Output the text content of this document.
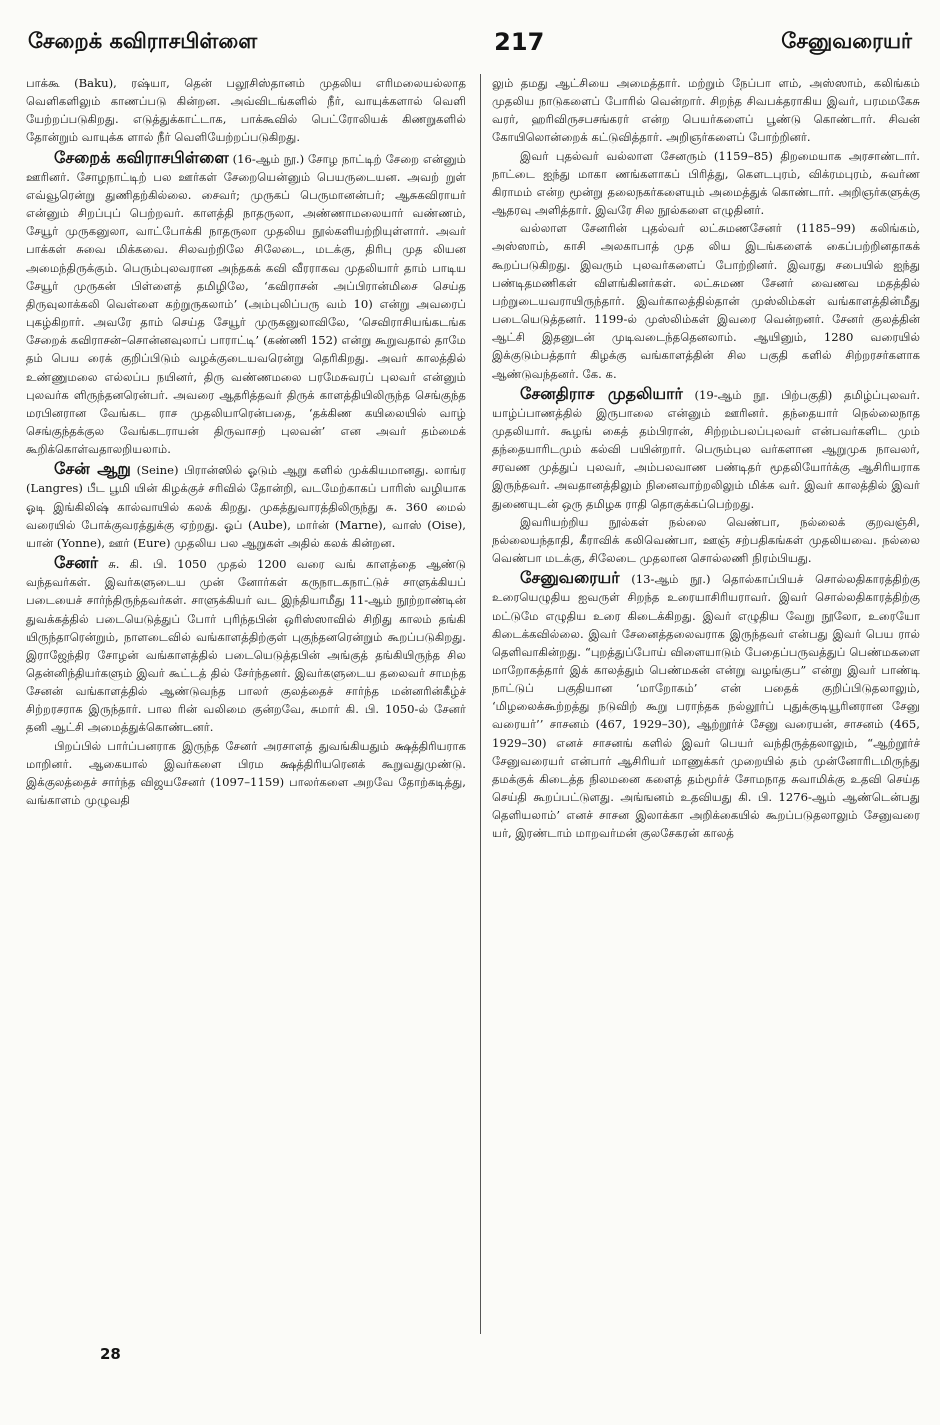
சேறைக் கவிராசபிள்ளை	217	சேனுவரையர்

பாக்கூ (Baku), ரஷ்யா, தென் பலூசிஸ்தானம் முதலிய எரிமலையல்லாத வெளிகளிலும் காணப்படு கின்றன. அவ்விடங்களில் நீர், வாயுக்களால் வெளி யேற்றப்படுகிறது. எடுத்துக்காட்டாக, பாக்கூவில் பெட்ரோலியக் கிணறுகளில் தோன்றும் வாயுக்க ளால் நீர் வெளியேற்றப்படுகிறது.

சேறைக் கவிராசபிள்ளை (16-ஆம் நூ.) சோழ நாட்டிற் சேறை என்னும் ஊரினர். சோழநாட்டிற் பல ஊர்கள் சேறையென்னும் பெயருடையன. அவற் றுள் எவ்வூரென்று துணிதற்கில்லை. சைவர்; முருகப் பெருமானன்பர்; ஆசுகவிராயர் என்னும் சிறப்புப் பெற்றவர். காளத்தி நாதருலா, அண்ணாமலையார் வண்ணம், சேயூர் முருகனுலா, வாட்போக்கி நாதருலா முதலிய நூல்களியற்றியுள்ளார். அவர் பாக்கள் சுவை மிக்கவை. சிலவற்றிலே சிலேடை, மடக்கு, திரிபு முத லியன அமைந்திருக்கும். பெரும்புலவரான அந்தகக் கவி வீரராகவ முதலியார் தாம் பாடிய சேயூர் முருகன் பிள்ளைத் தமிழிலே, ‘கவிராசன் அப்பிரான்மிசை செய்த திருவுலாக்கலி வெள்ளை கற்றுருகலாம்’ (அம்புலிப்பரு வம் 10) என்று அவரைப் புகழ்கிறார். அவரே தாம் செய்த சேயூர் முருகனுலாவிலே, ‘செவிராசியங்கடங்க சேறைக் கவிராசன்–சொன்னவுலாப் பாராட்டி’ (கண்ணி 152) என்று கூறுவதால் தாமே தம் பெய ரைக் குறிப்பிடும் வழக்குடையவரென்று தெரிகிறது. அவர் காலத்தில் உண்ணுமலை எல்லப்ப நயினர், திரு வண்ணமலை பரமேசுவரப் புலவர் என்னும் புலவர்க ளிருந்தனரென்பர். அவரை ஆதரித்தவர் திருக் காளத்தியிலிருந்த செங்குந்த மரபினரான வேங்கட ராச முதலியாரென்பதை, ‘தக்கிண கயிலையில் வாழ் செங்குந்தக்குல வேங்கடராயன் திருவாசற் புலவன்’ என அவர் தம்மைக் கூறிக்கொள்வதாலறியலாம்.

சேன் ஆறு (Seine) பிரான்ஸில் ஓடும் ஆறு களில் முக்கியமானது. லாங்ர (Langres) பீட பூமி யின் கிழக்குச் சரிவில் தோன்றி, வடமேற்காகப் பாரிஸ் வழியாக ஓடி இங்கிலிஷ் கால்வாயில் கலக் கிறது. முகத்துவாரத்திலிருந்து சு. 360 மைல் வரையில் போக்குவரத்துக்கு ஏற்றது. ஓப் (Aube), மார்ன் (Marne), வாஸ் (Oise), யான் (Yonne), ஊர் (Eure) முதலிய பல ஆறுகள் அதில் கலக் கின்றன.

சேனர் சு. கி. பி. 1050 முதல் 1200 வரை வங் காளத்தை ஆண்டு வந்தவர்கள். இவர்களுடைய முன் னோர்கள் கருநாடகநாட்டுச் சாளுக்கியப் படையைச் சார்ந்திருந்தவர்கள். சாளுக்கியர் வட இந்தியாமீது 11-ஆம் நூற்றாண்டின் துவக்கத்தில் படையெடுத்துப் போர் புரிந்தபின் ஒரிஸ்ஸாவில் சிறிது காலம் தங்கி யிருந்தாரென்றும், நாளடைவில் வங்காளத்திற்குள் புகுந்தனரென்றும் கூறப்படுகிறது. இராஜேந்திர சோழன் வங்காளத்தில் படையெடுத்தபின் அங்குத் தங்கியிருந்த சில தென்னிந்தியர்களும் இவர் கூட்டத் தில் சேர்ந்தனர். இவர்களுடைய தலைவர் சாமந்த சேனன் வங்காளத்தில் ஆண்டுவந்த பாலர் குலத்தைச் சார்ந்த மன்னரின்கீழ்ச் சிற்றரசராக இருந்தார். பால ரின் வலிமை குன்றவே, சுமார் கி. பி. 1050-ல் சேனர் தனி ஆட்சி அமைத்துக்கொண்டனர்.

பிறப்பில் பார்ப்பனராக இருந்த சேனர் அரசாளத் துவங்கியதும் க்ஷத்திரியராக மாறினர். ஆகையால் இவர்களை பிரம க்ஷத்திரியரெனக் கூறுவதுமுண்டு. இக்குலத்தைச் சார்ந்த விஜயசேனர் (1097–1159) பாலர்களை அறவே தோற்கடித்து, வங்காளம் முழுவதி

லும் தமது ஆட்சியை அமைத்தார். மற்றும் நேப்பா ளம், அஸ்ஸாம், கலிங்கம் முதலிய நாடுகளைப் போரில் வென்றார். சிறந்த சிவபக்தராகிய இவர், பரமமகேசு வரர், ஹரிவிருசபசங்கரர் என்ற பெயர்களைப் பூண்டு கொண்டார். சிவன் கோயிலொன்றைக் கட்டுவித்தார். அறிஞர்களைப் போற்றினர்.

இவர் புதல்வர் வல்லாள சேனரும் (1159–85) திறமையாக அரசாண்டார். நாட்டை ஐந்து மாகா ணங்களாகப் பிரித்து, கௌடபுரம், விக்ரமபுரம், சுவர்ண கிராமம் என்ற மூன்று தலைநகர்களையும் அமைத்துக் கொண்டார். அறிஞர்களுக்கு ஆதரவு அளித்தார். இவரே சில நூல்களை எழுதினர்.

வல்லாள சேனரின் புதல்வர் லட்சுமணசேனர் (1185–99) கலிங்கம், அஸ்ஸாம், காசி அலகாபாத் முத லிய இடங்களைக் கைப்பற்றினதாகக் கூறப்படுகிறது. இவரும் புலவர்களைப் போற்றினர். இவரது சபையில் ஐந்து பண்டிதமணிகள் விளங்கினர்கள். லட்சுமண சேனர் வைணவ மதத்தில் பற்றுடையவராயிருந்தார். இவர்காலத்தில்தான் முஸ்லிம்கள் வங்காளத்தின்மீது படையெடுத்தனர். 1199-ல் முஸ்லிம்கள் இவரை வென்றனர். சேனர் குலத்தின் ஆட்சி இதனுடன் முடிவடைந்ததெனலாம். ஆயினும், 1280 வரையில் இக்குடும்பத்தார் கிழக்கு வங்காளத்தின் சில பகுதி களில் சிற்றரசர்களாக ஆண்டுவந்தனர். கே. க.

சேனதிராச முதலியார் (19-ஆம் நூ. பிற்பகுதி) தமிழ்ப்புலவர். யாழ்ப்பாணத்தில் இருபாலை என்னும் ஊரினர். தந்தையார் நெல்லைநாத முதலியார். கூழங் கைத் தம்பிரான், சிற்றம்பலப்புலவர் என்பவர்களிட மும் தந்தையாரிடமும் கல்வி பயின்றார். பெரும்புல வர்களான ஆறுமுக நாவலர், சரவண முத்துப் புலவர், அம்பலவாண பண்டிதர் மூதலியோர்க்கு ஆசிரியராக இருந்தவர். அவதானத்திலும் நினைவாற்றலிலும் மிக்க வர். இவர் காலத்தில் இவர் துணையுடன் ஒரு தமிழக ராதி தொகுக்கப்பெற்றது.

இவரியற்றிய நூல்கள் நல்லை வெண்பா, நல்லைக் குறவஞ்சி, நல்லையந்தாதி, கீராவிக் கலிவெண்பா, ஊஞ் சற்பதிகங்கள் முதலியவை. நல்லை வெண்பா மடக்கு, சிலேடை முதலான சொல்லணி நிரம்பியது.

சேனுவரையர் (13-ஆம் நூ.) தொல்காப்பியச் சொல்லதிகாரத்திற்கு உரையெழுதிய ஐவருள் சிறந்த உரையாசிரியராவர். இவர் சொல்லதிகாரத்திற்கு மட்டுமே எழுதிய உரை கிடைக்கிறது. இவர் எழுதிய வேறு நூலோ, உரையோ கிடைக்கவில்லை. இவர் சேனைத்தலைவராக இருந்தவர் என்பது இவர் பெய ரால் தெளிவாகின்றது. “புறத்துப்போய் விளையாடும் பேதைப்பருவத்துப் பெண்மகளை மாறோகத்தார் இக் காலத்தும் பெண்மகன் என்று வழங்குப” என்று இவர் பாண்டி நாட்டுப் பகுதியான ‘மாறோகம்’ என் பதைக் குறிப்பிடுதலாலும், ‘மிழலைக்கூற்றத்து நடுவிற் கூறு பராந்தக நல்லூர்ப் புதுக்குடியூரினரான சேனு வரையர்’’ சாசனம் (467, 1929–30), ஆற்றூர்ச் சேனு வரையன், சாசனம் (465, 1929–30) எனச் சாசனங் களில் இவர் பெயர் வந்திருத்தலாலும், “ஆற்றூர்ச் சேனுவரையர் என்பார் ஆசிரியர் மாணுக்கர் முறையில் தம் முன்னோரிடமிருந்து தமக்குக் கிடைத்த நிலமனை களைத் தம்மூர்ச் சோமநாத சுவாமிக்கு உதவி செய்த செய்தி கூறப்பட்டுளது. அங்ஙனம் உதவியது கி. பி. 1276-ஆம் ஆண்டென்பது தெளியலாம்’ எனச் சாசன இலாக்கா அறிக்கையில் கூறப்படுதலாலும் சேனுவரை யர், இரண்டாம் மாறவர்மன் குலசேகரன் காலத்

28
